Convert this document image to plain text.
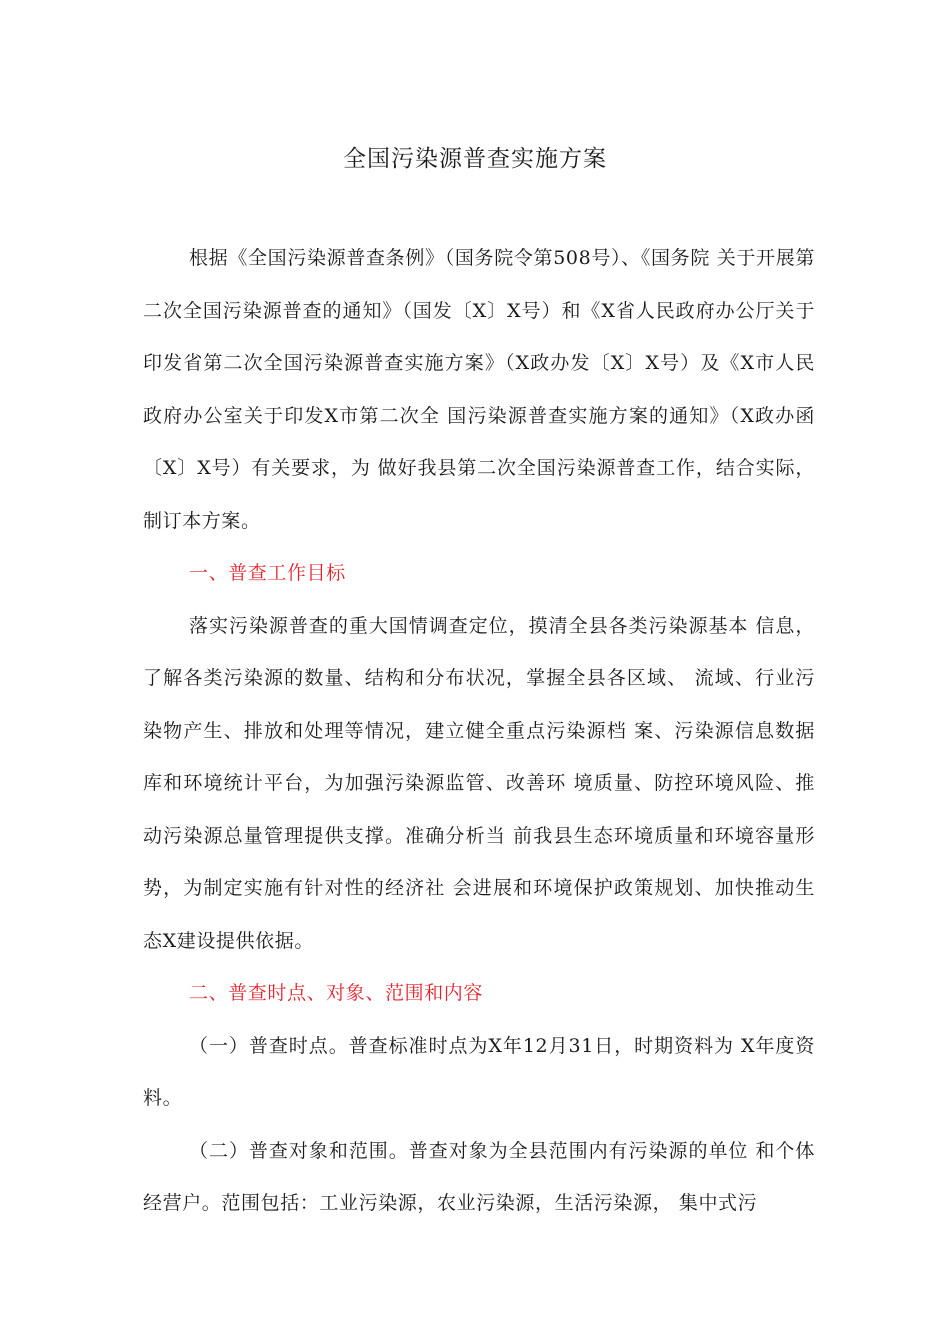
全国污染源普查实施方案

根据《全国污染源普查条例》（国务院令第508号）、《国务院 关于开展第二次全国污染源普查的通知》（国发〔X〕X号）和《X省人民政府办公厅关于印发省第二次全国污染源普查实施方案》（X政办发〔X〕X号）及《X市人民政府办公室关于印发X市第二次全 国污染源普查实施方案的通知》（X政办函〔X〕X号）有关要求，为 做好我县第二次全国污染源普查工作，结合实际，制订本方案。

一、普查工作目标

落实污染源普查的重大国情调查定位，摸清全县各类污染源基本 信息，了解各类污染源的数量、结构和分布状况，掌握全县各区域、 流域、行业污染物产生、排放和处理等情况，建立健全重点污染源档 案、污染源信息数据库和环境统计平台，为加强污染源监管、改善环 境质量、防控环境风险、推动污染源总量管理提供支撑。准确分析当 前我县生态环境质量和环境容量形势，为制定实施有针对性的经济社 会进展和环境保护政策规划、加快推动生态X建设提供依据。

二、普查时点、对象、范围和内容

（一）普查时点。普查标准时点为X年12月31日，时期资料为 X年度资料。

（二）普查对象和范围。普查对象为全县范围内有污染源的单位 和个体经营户。范围包括：工业污染源，农业污染源，生活污染源， 集中式污
